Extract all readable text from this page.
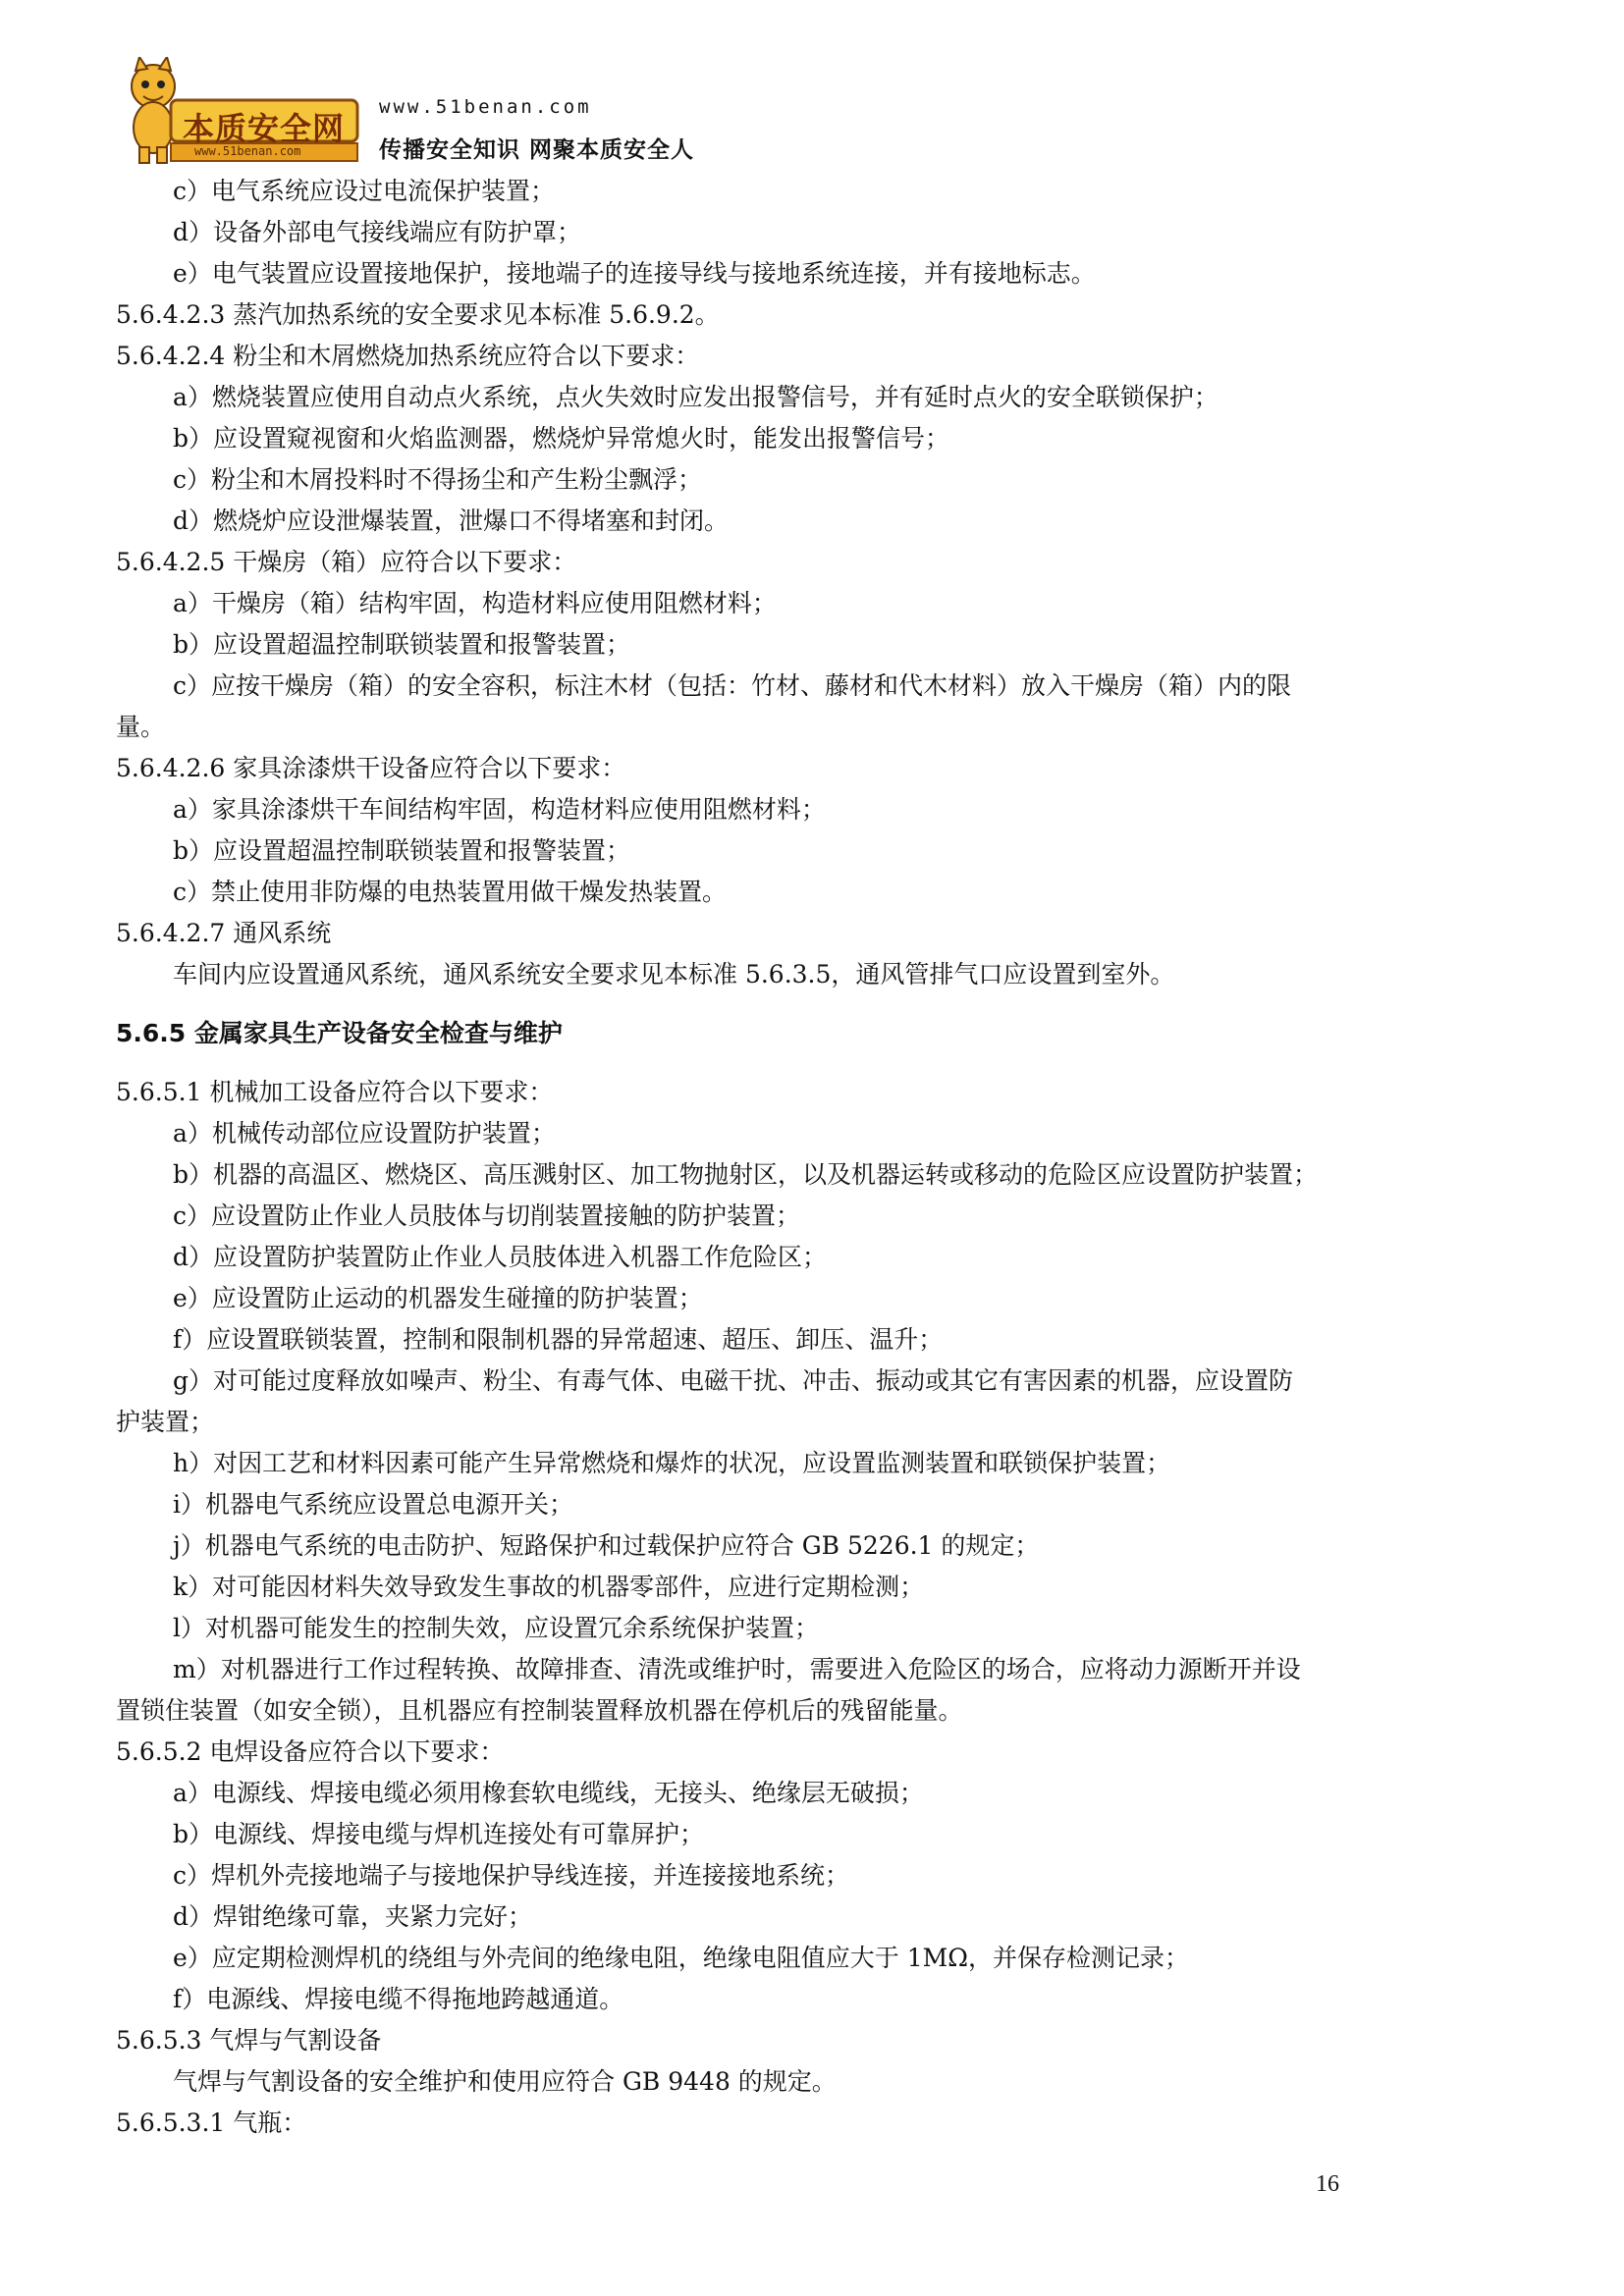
本质安全网
www.51benan.com
www.51benan.com
传播安全知识 网聚本质安全人
c）电气系统应设过电流保护装置；
d）设备外部电气接线端应有防护罩；
e）电气装置应设置接地保护，接地端子的连接导线与接地系统连接，并有接地标志。
5.6.4.2.3 蒸汽加热系统的安全要求见本标准 5.6.9.2。
5.6.4.2.4 粉尘和木屑燃烧加热系统应符合以下要求：
a）燃烧装置应使用自动点火系统，点火失效时应发出报警信号，并有延时点火的安全联锁保护；
b）应设置窥视窗和火焰监测器，燃烧炉异常熄火时，能发出报警信号；
c）粉尘和木屑投料时不得扬尘和产生粉尘飘浮；
d）燃烧炉应设泄爆装置，泄爆口不得堵塞和封闭。
5.6.4.2.5 干燥房（箱）应符合以下要求：
a）干燥房（箱）结构牢固，构造材料应使用阻燃材料；
b）应设置超温控制联锁装置和报警装置；
c）应按干燥房（箱）的安全容积，标注木材（包括：竹材、藤材和代木材料）放入干燥房（箱）内的限
量。
5.6.4.2.6 家具涂漆烘干设备应符合以下要求：
a）家具涂漆烘干车间结构牢固，构造材料应使用阻燃材料；
b）应设置超温控制联锁装置和报警装置；
c）禁止使用非防爆的电热装置用做干燥发热装置。
5.6.4.2.7 通风系统
车间内应设置通风系统，通风系统安全要求见本标准 5.6.3.5，通风管排气口应设置到室外。
5.6.5 金属家具生产设备安全检查与维护
5.6.5.1 机械加工设备应符合以下要求：
a）机械传动部位应设置防护装置；
b）机器的高温区、燃烧区、高压溅射区、加工物抛射区，以及机器运转或移动的危险区应设置防护装置；
c）应设置防止作业人员肢体与切削装置接触的防护装置；
d）应设置防护装置防止作业人员肢体进入机器工作危险区；
e）应设置防止运动的机器发生碰撞的防护装置；
f）应设置联锁装置，控制和限制机器的异常超速、超压、卸压、温升；
g）对可能过度释放如噪声、粉尘、有毒气体、电磁干扰、冲击、振动或其它有害因素的机器，应设置防
护装置；
h）对因工艺和材料因素可能产生异常燃烧和爆炸的状况，应设置监测装置和联锁保护装置；
i）机器电气系统应设置总电源开关；
j）机器电气系统的电击防护、短路保护和过载保护应符合 GB 5226.1 的规定；
k）对可能因材料失效导致发生事故的机器零部件，应进行定期检测；
l）对机器可能发生的控制失效，应设置冗余系统保护装置；
m）对机器进行工作过程转换、故障排查、清洗或维护时，需要进入危险区的场合，应将动力源断开并设
置锁住装置（如安全锁），且机器应有控制装置释放机器在停机后的残留能量。
5.6.5.2 电焊设备应符合以下要求：
a）电源线、焊接电缆必须用橡套软电缆线，无接头、绝缘层无破损；
b）电源线、焊接电缆与焊机连接处有可靠屏护；
c）焊机外壳接地端子与接地保护导线连接，并连接接地系统；
d）焊钳绝缘可靠，夹紧力完好；
e）应定期检测焊机的绕组与外壳间的绝缘电阻，绝缘电阻值应大于 1MΩ，并保存检测记录；
f）电源线、焊接电缆不得拖地跨越通道。
5.6.5.3 气焊与气割设备
气焊与气割设备的安全维护和使用应符合 GB 9448 的规定。
5.6.5.3.1 气瓶：
16
